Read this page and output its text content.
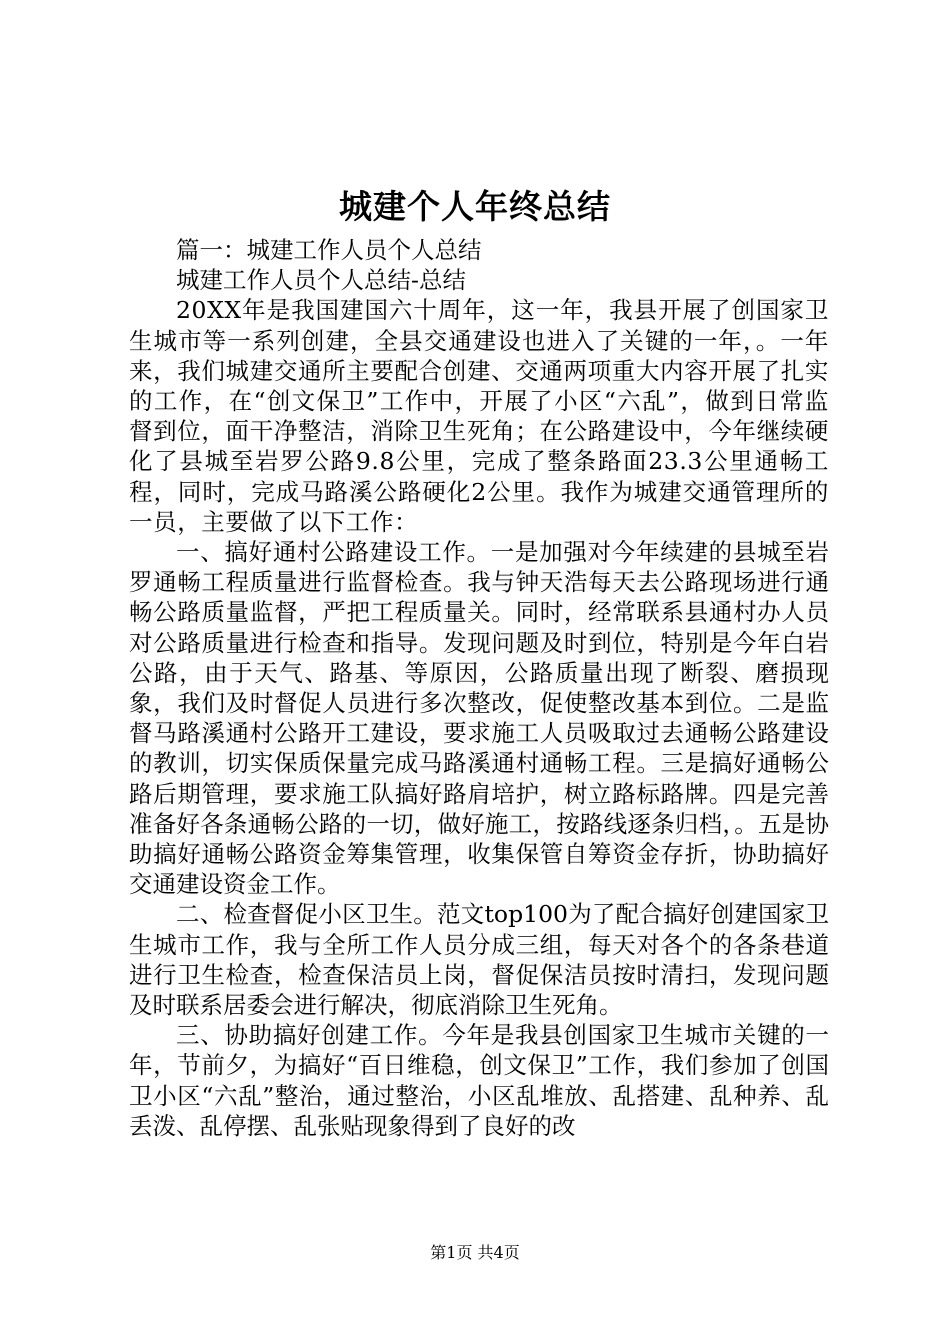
城建个人年终总结

篇一：城建工作人员个人总结

城建工作人员个人总结-总结

20XX年是我国建国六十周年，这一年，我县开展了创国家卫生城市等一系列创建，全县交通建设也进入了关键的一年，。一年来，我们城建交通所主要配合创建、交通两项重大内容开展了扎实的工作，在“创文保卫”工作中，开展了小区“六乱”，做到日常监督到位，面干净整洁，消除卫生死角；在公路建设中，今年继续硬化了县城至岩罗公路9.8公里，完成了整条路面23.3公里通畅工程，同时，完成马路溪公路硬化2公里。我作为城建交通管理所的一员，主要做了以下工作：

一、搞好通村公路建设工作。一是加强对今年续建的县城至岩罗通畅工程质量进行监督检查。我与钟天浩每天去公路现场进行通畅公路质量监督，严把工程质量关。同时，经常联系县通村办人员对公路质量进行检查和指导。发现问题及时到位，特别是今年白岩公路，由于天气、路基、等原因，公路质量出现了断裂、磨损现象，我们及时督促人员进行多次整改，促使整改基本到位。二是监督马路溪通村公路开工建设，要求施工人员吸取过去通畅公路建设的教训，切实保质保量完成马路溪通村通畅工程。三是搞好通畅公路后期管理，要求施工队搞好路肩培护，树立路标路牌。四是完善准备好各条通畅公路的一切，做好施工，按路线逐条归档，。五是协助搞好通畅公路资金筹集管理，收集保管自筹资金存折，协助搞好交通建设资金工作。

二、检查督促小区卫生。范文top100为了配合搞好创建国家卫生城市工作，我与全所工作人员分成三组，每天对各个的各条巷道进行卫生检查，检查保洁员上岗，督促保洁员按时清扫，发现问题及时联系居委会进行解决，彻底消除卫生死角。

三、协助搞好创建工作。今年是我县创国家卫生城市关键的一年，节前夕，为搞好“百日维稳，创文保卫”工作，我们参加了创国卫小区“六乱”整治，通过整治，小区乱堆放、乱搭建、乱种养、乱丢泼、乱停摆、乱张贴现象得到了良好的改

第1页 共4页
